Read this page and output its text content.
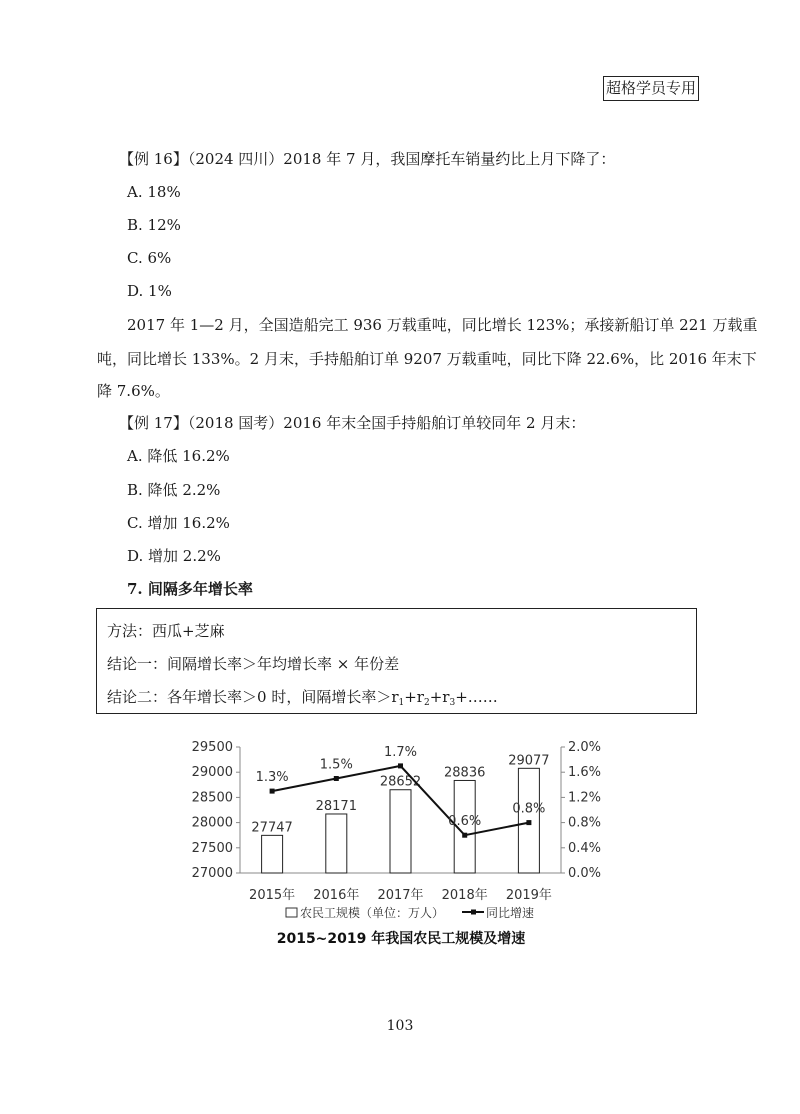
超格学员专用
【例 16】（2024 四川）2018 年 7 月，我国摩托车销量约比上月下降了：
A. 18%
B. 12%
C. 6%
D. 1%
2017 年 1—2 月，全国造船完工 936 万载重吨，同比增长 123%；承接新船订单 221 万载重
吨，同比增长 133%。2 月末，手持船舶订单 9207 万载重吨，同比下降 22.6%，比 2016 年末下
降 7.6%。
【例 17】（2018 国考）2016 年末全国手持船舶订单较同年 2 月末：
A. 降低 16.2%
B. 降低 2.2%
C. 增加 16.2%
D. 增加 2.2%
7. 间隔多年增长率
方法：西瓜+芝麻
结论一：间隔增长率＞年均增长率 × 年份差
结论二：各年增长率＞0 时，间隔增长率$>r_1+r_2+r_3+\dots\dots$
29500
29000
28500
28000
27500
27000
2.0%
1.6%
1.2%
0.8%
0.4%
0.0%
27747
28171
28652
28836
29077
1.3%
1.5%
1.7%
0.6%
0.8%
2015年 2016年 2017年 2018年 2019年
农民工规模（单位：万人）	同比增速
2015~2019 年我国农民工规模及增速
103
